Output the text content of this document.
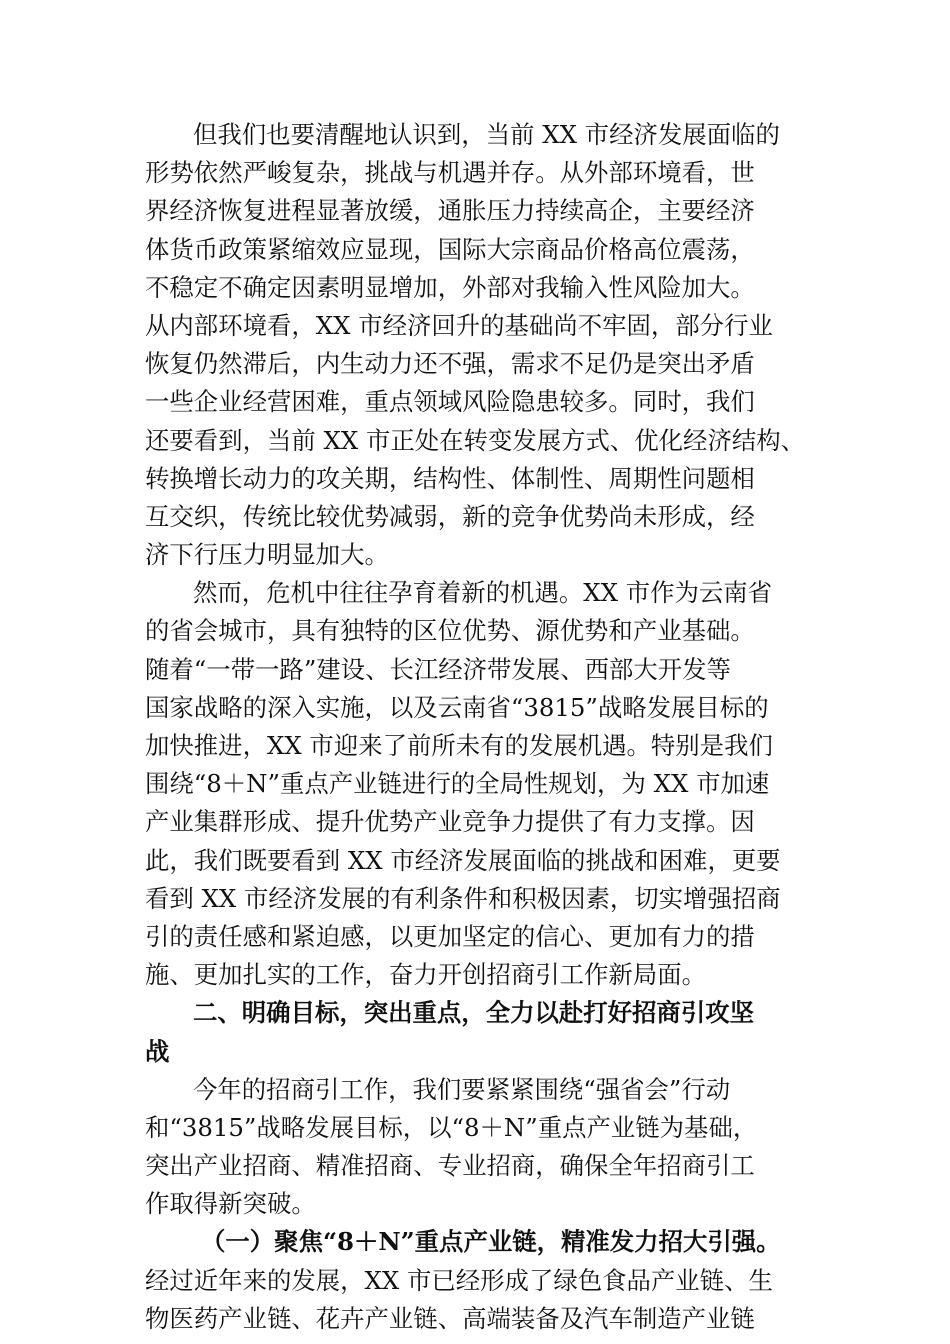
但我们也要清醒地认识到，当前 XX 市经济发展面临的
形势依然严峻复杂，挑战与机遇并存。从外部环境看，世
界经济恢复进程显著放缓，通胀压力持续高企，主要经济
体货币政策紧缩效应显现，国际大宗商品价格高位震荡，
不稳定不确定因素明显增加，外部对我输入性风险加大。
从内部环境看，XX 市经济回升的基础尚不牢固，部分行业
恢复仍然滞后，内生动力还不强，需求不足仍是突出矛盾
一些企业经营困难，重点领域风险隐患较多。同时，我们
还要看到，当前 XX 市正处在转变发展方式、优化经济结构、
转换增长动力的攻关期，结构性、体制性、周期性问题相
互交织，传统比较优势减弱，新的竞争优势尚未形成，经
济下行压力明显加大。
然而，危机中往往孕育着新的机遇。XX 市作为云南省
的省会城市，具有独特的区位优势、源优势和产业基础。
随着“一带一路”建设、长江经济带发展、西部大开发等
国家战略的深入实施，以及云南省“3815”战略发展目标的
加快推进，XX 市迎来了前所未有的发展机遇。特别是我们
围绕“8＋N”重点产业链进行的全局性规划，为 XX 市加速
产业集群形成、提升优势产业竞争力提供了有力支撑。因
此，我们既要看到 XX 市经济发展面临的挑战和困难，更要
看到 XX 市经济发展的有利条件和积极因素，切实增强招商
引的责任感和紧迫感，以更加坚定的信心、更加有力的措
施、更加扎实的工作，奋力开创招商引工作新局面。
二、明确目标，突出重点，全力以赴打好招商引攻坚
战
今年的招商引工作，我们要紧紧围绕“强省会”行动
和“3815”战略发展目标，以“8＋N”重点产业链为基础，
突出产业招商、精准招商、专业招商，确保全年招商引工
作取得新突破。
（一）聚焦“8＋N”重点产业链，精准发力招大引强。
经过近年来的发展，XX 市已经形成了绿色食品产业链、生
物医药产业链、花卉产业链、高端装备及汽车制造产业链
